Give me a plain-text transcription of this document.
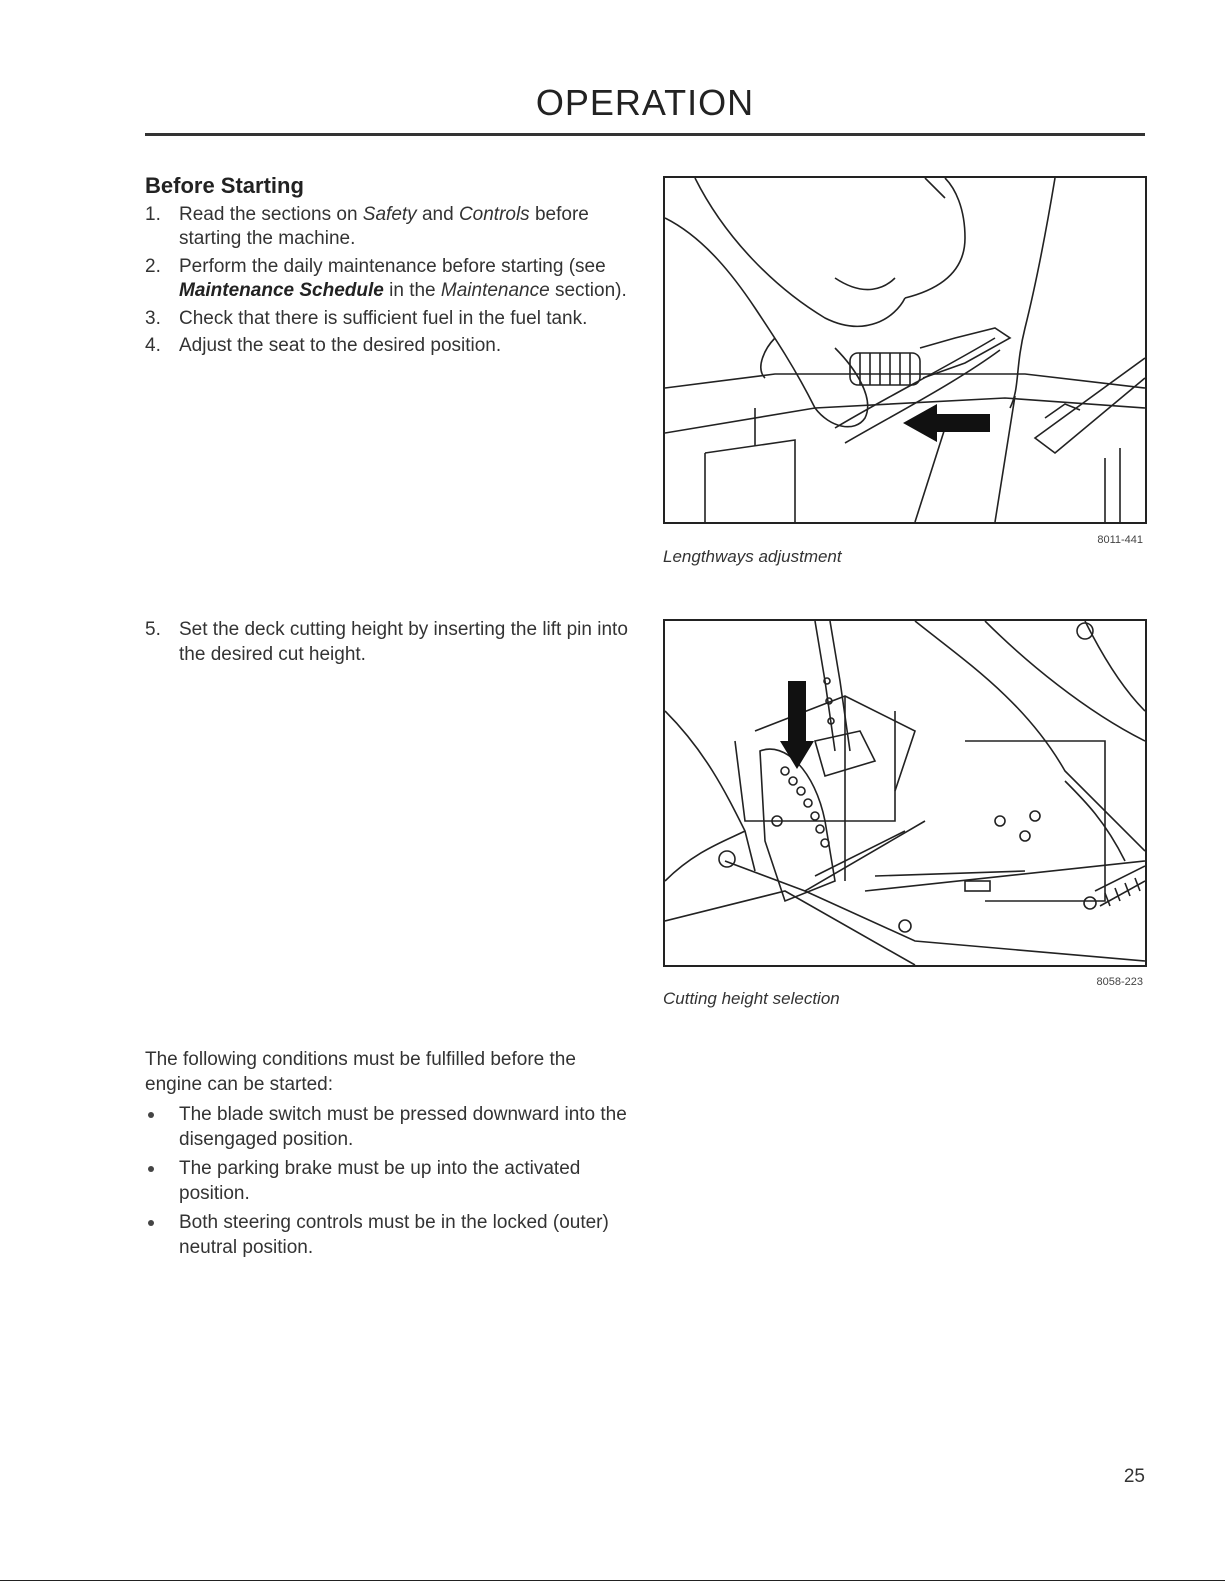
OPERATION
Before Starting
1. Read the sections on Safety and Controls before starting the machine.
2. Perform the daily maintenance before starting (see Maintenance Schedule in the Maintenance section).
3. Check that there is sufficient fuel in the fuel tank.
4. Adjust the seat to the desired position.
5. Set the deck cutting height by inserting the lift pin into the desired cut height.
8011-441
Lengthways adjustment
8058-223
Cutting height selection

The following conditions must be fulfilled before the engine can be started:

The blade switch must be pressed downward into the disengaged position.
The parking brake must be up into the activated position.
Both steering controls must be in the locked (outer) neutral position.
25
